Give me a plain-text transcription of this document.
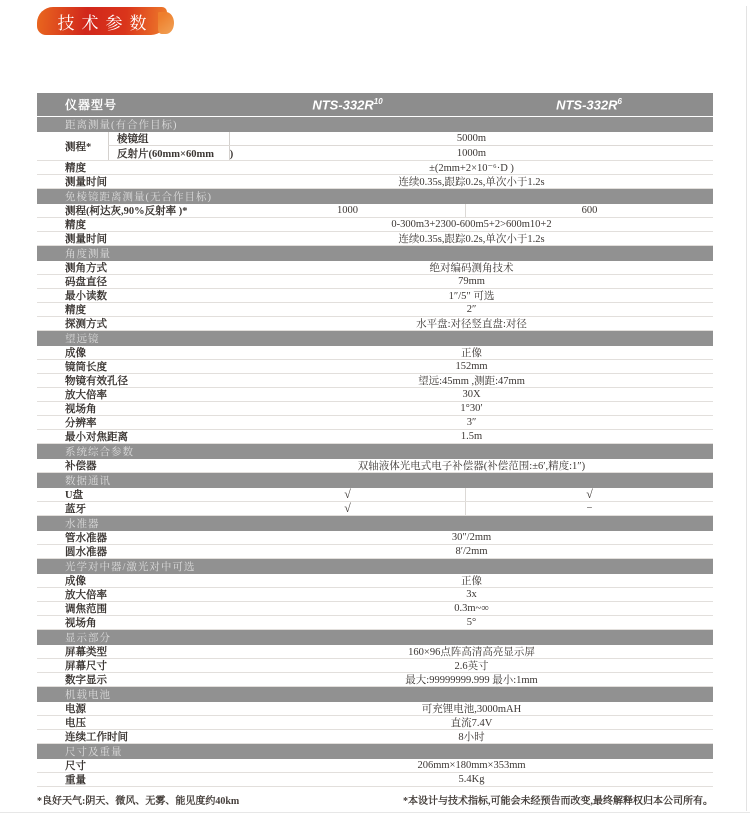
技术参数
仪器型号	NTS-$332R^{10}$	NTS-$332R^6$
距离测量(有合作目标)
测程*
棱镜组	5000m
反射片(60mm×60mm      )	1000m
精度	±(2mm+2×10⁻⁶·D )
测量时间	连续0.35s,跟踪0.2s,单次小于1.2s
免棱镜距离测量(无合作目标)
测程(柯达灰,90%反射率 )*	1000	600
精度	0-300m3+2300-600m5+2>600m10+2
测量时间	连续0.35s,跟踪0.2s,单次小于1.2s
角度测量
测角方式	绝对编码测角技术
码盘直径	79mm
最小读数	1″/5″ 可选
精度	2″
探测方式	水平盘:对径竖直盘:对径
望远镜
成像	正像
镜筒长度	152mm
物镜有效孔径	望远:45mm ,测距:47mm
放大倍率	30X
视场角	1°30′
分辨率	3″
最小对焦距离	1.5m
系统综合参数
补偿器	双轴液体光电式电子补偿器(补偿范围:±6′,精度:1″)
数据通讯
U盘	√	√
蓝牙	√	−
水准器
管水准器	30″/2mm
圆水准器	8′/2mm
光学对中器/激光对中可选
成像	正像
放大倍率	3x
调焦范围	0.3m~∞
视场角	5°
显示部分
屏幕类型	160×96点阵高清高亮显示屏
屏幕尺寸	2.6英寸
数字显示	最大:99999999.999 最小:1mm
机载电池
电源	可充锂电池,3000mAH
电压	直流7.4V
连续工作时间	8小时
尺寸及重量
尺寸	206mm×180mm×353mm
重量	5.4Kg
*良好天气:阴天、微风、无雾、能见度约40km	*本设计与技术指标,可能会未经预告而改变,最终解释权归本公司所有。
